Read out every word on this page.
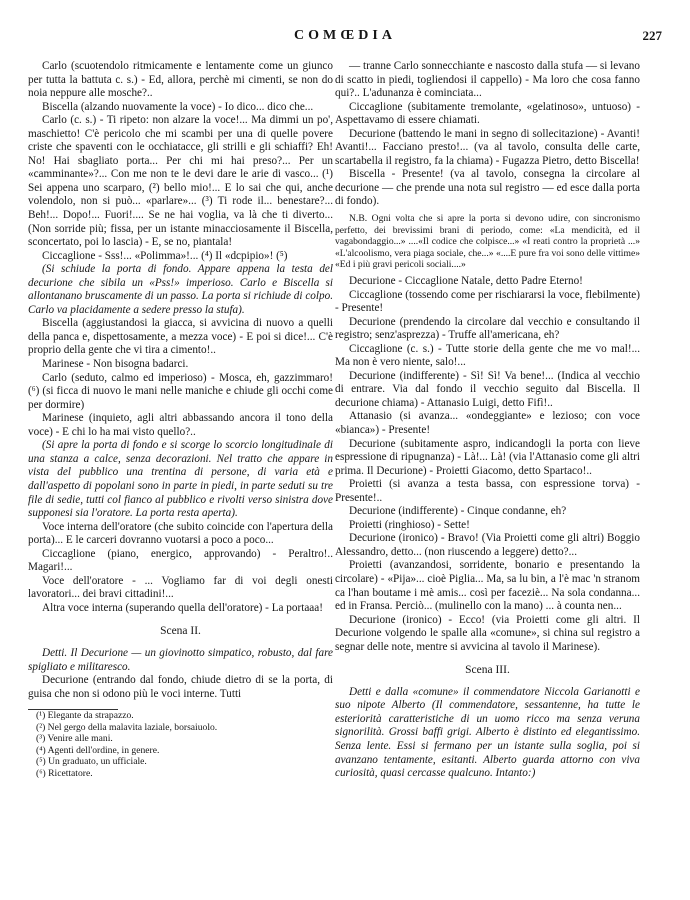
COMŒDIA	227

Carlo (scuotendolo ritmicamente e lentamente come un giunco per tutta la battuta c. s.) - Ed, allora, perchè mi cimenti, se non do noia neppure alle mosche?..

Biscella (alzando nuovamente la voce) - Io dico... dico che...

Carlo (c. s.) - Ti ripeto: non alzare la voce!... Ma dimmi un po', maschietto! C'è pericolo che mi scambi per una di quelle povere criste che spaventi con le occhiatacce, gli strilli e gli schiaffi? Eh! No! Hai sbagliato porta... Per chi mi hai preso?... Per un «camminante»?... Con me non te le devi dare le arie di vasco... (¹) Sei appena uno scarparo, (²) bello mio!... E lo sai che qui, anche volendolo, non si può... «parlare»... (³) Ti rode il... benestare?... Beh!... Dopo!... Fuori!.... Se ne hai voglia, va là che ti diverto... (Non sorride più; fissa, per un istante minacciosamente il Biscella, sconcertato, poi lo lascia) - E, se no, piantala!

Ciccaglione - Sss!... «Polimma»!... (⁴) Il «dcpipio»! (⁵)

(Si schiude la porta di fondo. Appare appena la testa del decurione che sibila un «Pss!» imperioso. Carlo e Biscella si allontanano bruscamente di un passo. La porta si richiude di colpo. Carlo va placidamente a sedere presso la stufa).

Biscella (aggiustandosi la giacca, si avvicina di nuovo a quelli della panca e, dispettosamente, a mezza voce) - E poi si dice!... C'è proprio della gente che vi tira a cimento!..

Marinese - Non bisogna badarci.

Carlo (seduto, calmo ed imperioso) - Mosca, eh, gazzimmaro! (⁶) (si ficca di nuovo le mani nelle maniche e chiude gli occhi come per dormire)

Marinese (inquieto, agli altri abbassando ancora il tono della voce) - E chi lo ha mai visto quello?..

(Si apre la porta di fondo e si scorge lo scorcio longitudinale di una stanza a calce, senza decorazioni. Nel tratto che appare in vista del pubblico una trentina di persone, di varia età e dall'aspetto di popolani sono in parte in piedi, in parte seduti su tre file di sedie, tutti col fianco al pubblico e rivolti verso sinistra dove supponesi sia l'oratore. La porta resta aperta).

Voce interna dell'oratore (che subito coincide con l'apertura della porta)... E le carceri dovranno vuotarsi a poco a poco...

Ciccaglione (piano, energico, approvando) - Peraltro!.. Magari!...

Voce dell'oratore - ... Vogliamo far di voi degli onesti lavoratori... dei bravi cittadini!...

Altra voce interna (superando quella dell'oratore) - La portaaa!

Scena II.

Detti. Il Decurione — un giovinotto simpatico, robusto, dal fare spigliato e militaresco.

Decurione (entrando dal fondo, chiude dietro di se la porta, di guisa che non si odono più le voci interne. Tutti

(¹) Elegante da strapazzo.

(²) Nel gergo della malavita laziale, borsaiuolo.

(³) Venire alle mani.

(⁴) Agenti dell'ordine, in genere.

(⁵) Un graduato, un ufficiale.

(⁶) Ricettatore.

— tranne Carlo sonnecchiante e nascosto dalla stufa — si levano di scatto in piedi, togliendosi il cappello) - Ma loro che cosa fanno qui?.. L'adunanza è cominciata...

Ciccaglione (subitamente tremolante, «gelatinoso», untuoso) - Aspettavamo di essere chiamati.

Decurione (battendo le mani in segno di sollecitazione) - Avanti! Avanti!... Facciano presto!... (va al tavolo, consulta delle carte, scartabella il registro, fa la chiama) - Fugazza Pietro, detto Biscella!

Biscella - Presente! (va al tavolo, consegna la circolare al decurione — che prende una nota sul registro — ed esce dalla porta di fondo).

N.B. Ogni volta che si apre la porta si devono udire, con sincronismo perfetto, dei brevissimi brani di periodo, come: «La mendicità, ed il vagabondaggio...» ....«Il codice che colpisce...» «I reati contro la proprietà ...» «L'alcoolismo, vera piaga sociale, che...» «....E pure fra voi sono delle vittime» «Ed i più gravi pericoli sociali....»

Decurione - Ciccaglione Natale, detto Padre Eterno!

Ciccaglione (tossendo come per rischiararsi la voce, flebilmente) - Presente!

Decurione (prendendo la circolare dal vecchio e consultando il registro; senz'asprezza) - Truffe all'americana, eh?

Ciccaglione (c. s.) - Tutte storie della gente che me vo mal!... Ma non è vero niente, salo!...

Decurione (indifferente) - Sì! Sì! Va bene!... (Indica al vecchio di entrare. Via dal fondo il vecchio seguito dal Biscella. Il decurione chiama) - Attanasio Luigi, detto Fifì!..

Attanasio (si avanza... «ondeggiante» e lezioso; con voce «bianca») - Presente!

Decurione (subitamente aspro, indicandogli la porta con lieve espressione di ripugnanza) - Là!... Là! (via l'Attanasio come gli altri prima. Il Decurione) - Proietti Giacomo, detto Spartaco!..

Proietti (si avanza a testa bassa, con espressione torva) - Presente!..

Decurione (indifferente) - Cinque condanne, eh?

Proietti (ringhioso) - Sette!

Decurione (ironico) - Bravo! (Via Proietti come gli altri) Boggio Alessandro, detto... (non riuscendo a leggere) detto?...

Proietti (avanzandosi, sorridente, bonario e presentando la circolare) - «Pija»... cioè Piglia... Ma, sa lu bin, a l'è mac 'n stranom ca l'han boutame i mè amis... così per faceziè... Na sola condanna... ed in Fransa. Perciò... (mulinello con la mano) ... à counta nen...

Decurione (ironico) - Ecco! (via Proietti come gli altri. Il Decurione volgendo le spalle alla «comune», si china sul registro a segnar delle note, mentre si avvicina al tavolo il Marinese).

Scena III.

Detti e dalla «comune» il commendatore Niccola Garianotti e suo nipote Alberto (Il commendatore, sessantenne, ha tutte le esteriorità caratteristiche di un uomo ricco ma senza veruna signorilità. Grossi baffi grigi. Alberto è distinto ed elegantissimo. Senza lente. Essi si fermano per un istante sulla soglia, poi si avanzano tentamente, esitanti. Alberto guarda attorno con viva curiosità, quasi cercasse qualcuno. Intanto:)
